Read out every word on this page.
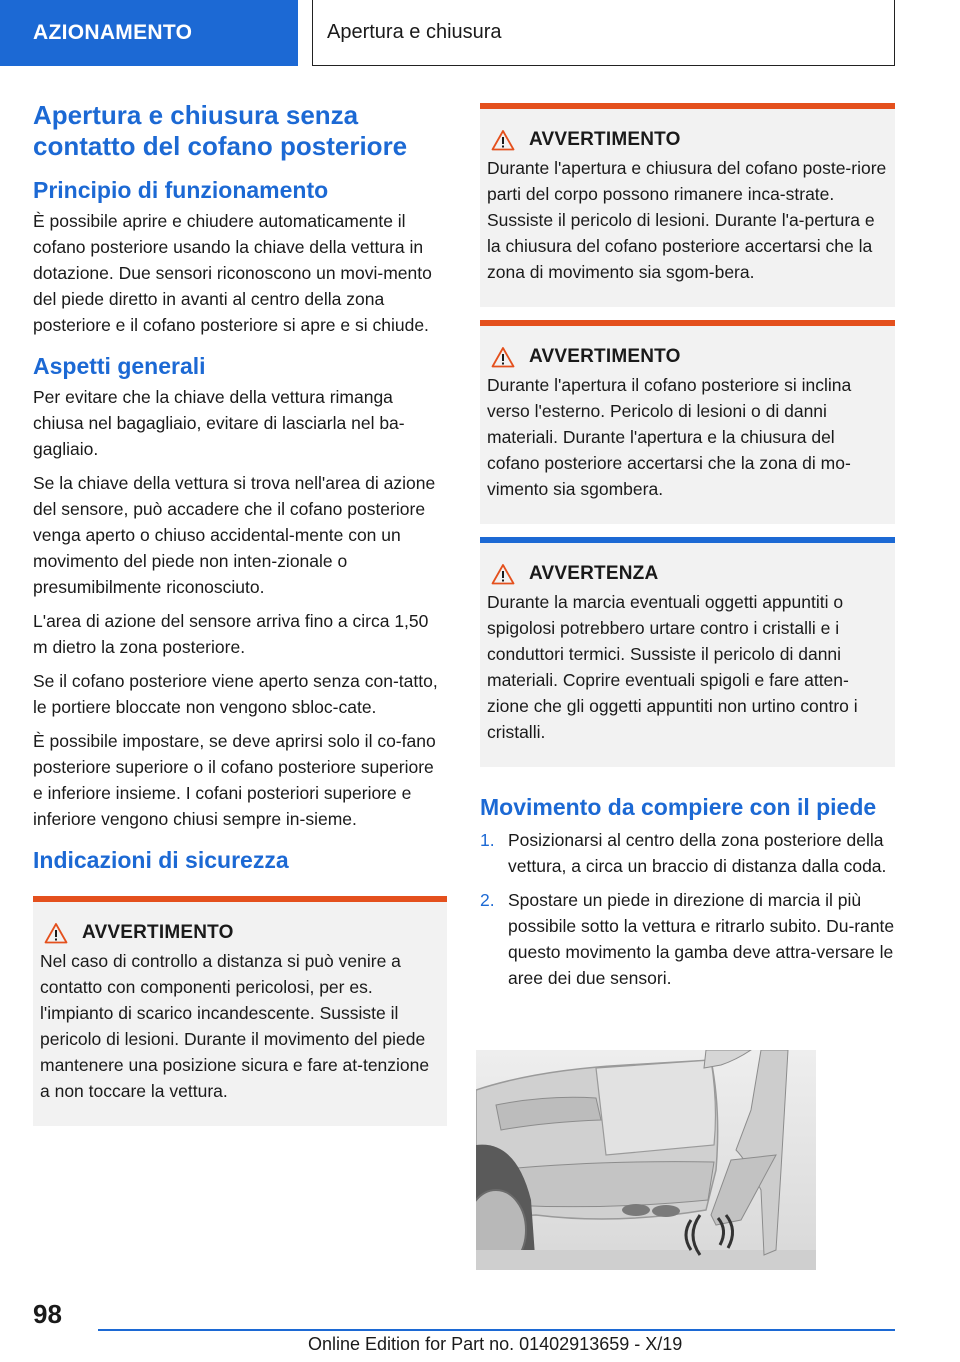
AZIONAMENTO	Apertura e chiusura
Apertura e chiusura senza contatto del cofano posteriore
Principio di funzionamento

È possibile aprire e chiudere automaticamente il cofano posteriore usando la chiave della vettura in dotazione. Due sensori riconoscono un movi-mento del piede diretto in avanti al centro della zona posteriore e il cofano posteriore si apre e si chiude.

Aspetti generali

Per evitare che la chiave della vettura rimanga chiusa nel bagagliaio, evitare di lasciarla nel ba-gagliaio.

Se la chiave della vettura si trova nell'area di azione del sensore, può accadere che il cofano posteriore venga aperto o chiuso accidental-mente con un movimento del piede non inten-zionale o presumibilmente riconosciuto.

L'area di azione del sensore arriva fino a circa 1,50 m dietro la zona posteriore.

Se il cofano posteriore viene aperto senza con-tatto, le portiere bloccate non vengono sbloc-cate.

È possibile impostare, se deve aprirsi solo il co-fano posteriore superiore o il cofano posteriore superiore e inferiore insieme. I cofani posteriori superiore e inferiore vengono chiusi sempre in-sieme.

Indicazioni di sicurezza
AVVERTIMENTO

Nel caso di controllo a distanza si può venire a contatto con componenti pericolosi, per es. l'impianto di scarico incandescente. Sussiste il pericolo di lesioni. Durante il movimento del piede mantenere una posizione sicura e fare at-tenzione a non toccare la vettura.

AVVERTIMENTO

Durante l'apertura e chiusura del cofano poste-riore parti del corpo possono rimanere inca-strate. Sussiste il pericolo di lesioni. Durante l'a-pertura e la chiusura del cofano posteriore accertarsi che la zona di movimento sia sgom-bera.

AVVERTIMENTO

Durante l'apertura il cofano posteriore si inclina verso l'esterno. Pericolo di lesioni o di danni materiali. Durante l'apertura e la chiusura del cofano posteriore accertarsi che la zona di mo-vimento sia sgombera.

AVVERTENZA

Durante la marcia eventuali oggetti appuntiti o spigolosi potrebbero urtare contro i cristalli e i conduttori termici. Sussiste il pericolo di danni materiali. Coprire eventuali spigoli e fare atten-zione che gli oggetti appuntiti non urtino contro i cristalli.

Movimento da compiere con il piede
1. Posizionarsi al centro della zona posteriore della vettura, a circa un braccio di distanza dalla coda.
2. Spostare un piede in direzione di marcia il più possibile sotto la vettura e ritrarlo subito. Du-rante questo movimento la gamba deve attra-versare le aree dei due sensori.
98
Online Edition for Part no. 01402913659 - X/19
